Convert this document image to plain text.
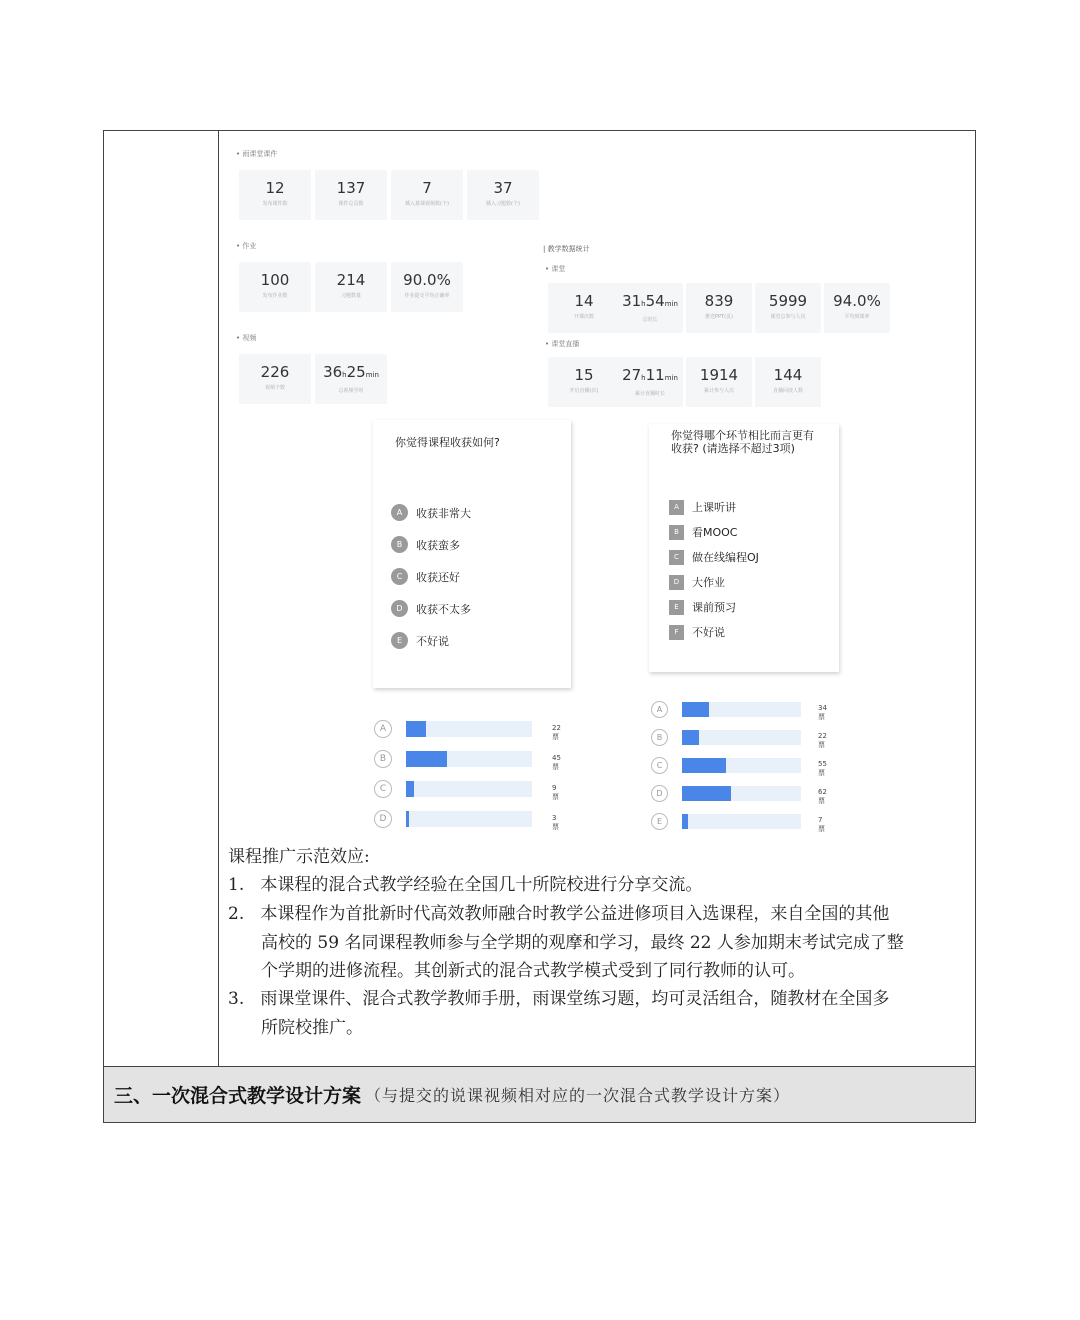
三、一次混合式教学设计方案 （与提交的说课视频相对应的一次混合式教学设计方案）
• 雨课堂课件
12
发布课件数
137
课件总页数
7
插入慕课视频数(个)
37
插入习题数(个)
• 作业
100
发布作业数
214
习题数量
90.0%
作业提交平均正确率
• 视频
226
视频个数
36h25min
总视频学时
| 教学数据统计
• 课堂
14
开课次数
31h54min
总时长
839
推送PPT(页)
5999
课堂总参与人次
94.0%
平均到课率
• 课堂直播
15
开启直播(次)
27h11min
累计直播时长
1914
累计参与人次
144
直播回放人数
你觉得课程收获如何?
A	收获非常大
B	收获蛮多
C	收获还好
D	收获不太多
E	不好说
你觉得哪个环节相比而言更有
收获? (请选择不超过3项)
A	上课听讲
B	看MOOC
C	做在线编程OJ
D	大作业
E	课前预习
F	不好说
A	22票
B	45票
C	9票
D	3票
A	34票
B	22票
C	55票
D	62票
E	7票
课程推广示范效应:
1.   本课程的混合式教学经验在全国几十所院校进行分享交流。
2.   本课程作为首批新时代高效教师融合时教学公益进修项目入选课程，来自全国的其他
高校的 59 名同课程教师参与全学期的观摩和学习，最终 22 人参加期末考试完成了整
个学期的进修流程。其创新式的混合式教学模式受到了同行教师的认可。
3.   雨课堂课件、混合式教学教师手册，雨课堂练习题，均可灵活组合，随教材在全国多
所院校推广。
